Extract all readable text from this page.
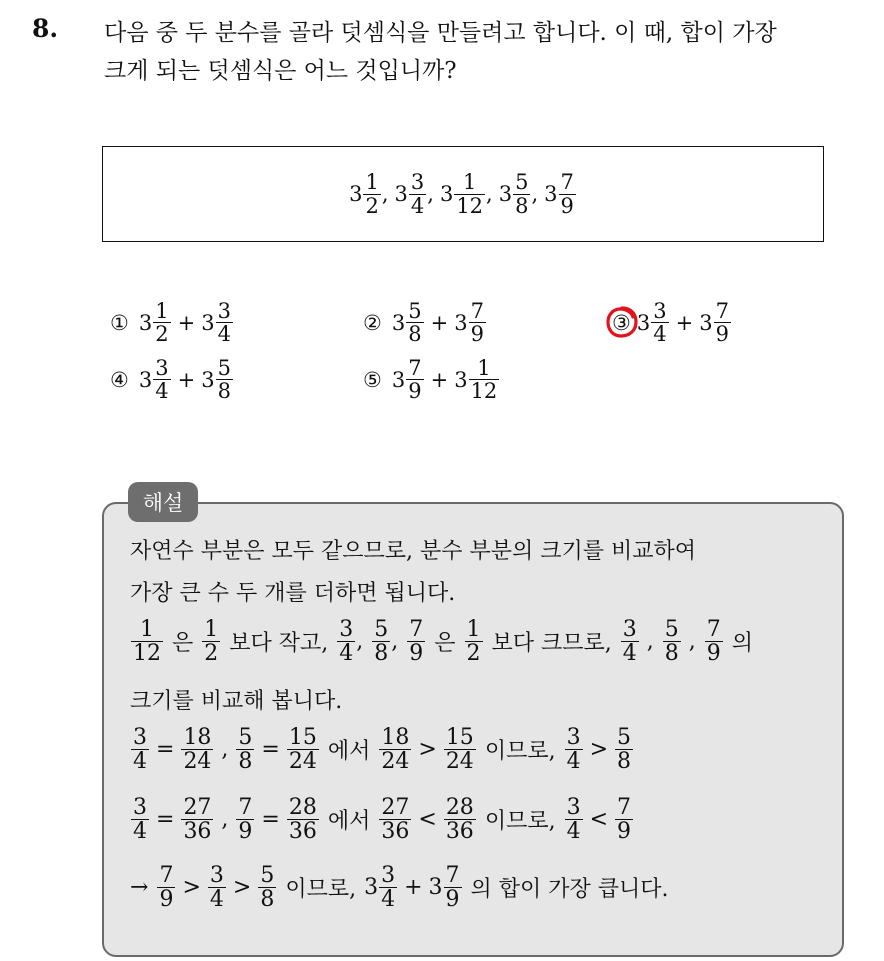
8. 다음 중 두 분수를 골라 덧셈식을 만들려고 합니다. 이 때, 합이 가장
크게 되는 덧셈식은 어느 것입니까?
$3 \frac{1}{2}$ , $3 \frac{3}{4}$ , $3 \frac{1}{12}$ , $3 \frac{5}{8}$ , $3 \frac{7}{9}$
① $3 \frac{1}{2} + 3 \frac{3}{4}$	② $3 \frac{5}{8} + 3 \frac{7}{9}$	③ $3 \frac{3}{4} + 3 \frac{7}{9}$
④ $3 \frac{3}{4} + 3 \frac{5}{8}$	⑤ $3 \frac{7}{9} + 3 \frac{1}{12}$
해설
자연수 부분은 모두 같으므로, 분수 부분의 크기를 비교하여
가장 큰 수 두 개를 더하면 됩니다.
$\frac{1}{12}$ 은 $\frac{1}{2}$ 보다 작고, $\frac{3}{4}$ , $\frac{5}{8}$ , $\frac{7}{9}$ 은 $\frac{1}{2}$ 보다 크므로, $\frac{3}{4}$ , $\frac{5}{8}$ , $\frac{7}{9}$ 의
크기를 비교해 봅니다.
$\frac{3}{4} = \frac{18}{24}$ , $\frac{5}{8} = \frac{15}{24}$ 에서 $\frac{18}{24} > \frac{15}{24}$ 이므로, $\frac{3}{4} > \frac{5}{8}$
$\frac{3}{4} = \frac{27}{36}$ , $\frac{7}{9} = \frac{28}{36}$ 에서 $\frac{27}{36} < \frac{28}{36}$ 이므로, $\frac{3}{4} < \frac{7}{9}$
→ $\frac{7}{9} > \frac{3}{4} > \frac{5}{8}$ 이므로, $3 \frac{3}{4} + 3 \frac{7}{9}$ 의 합이 가장 큽니다.
